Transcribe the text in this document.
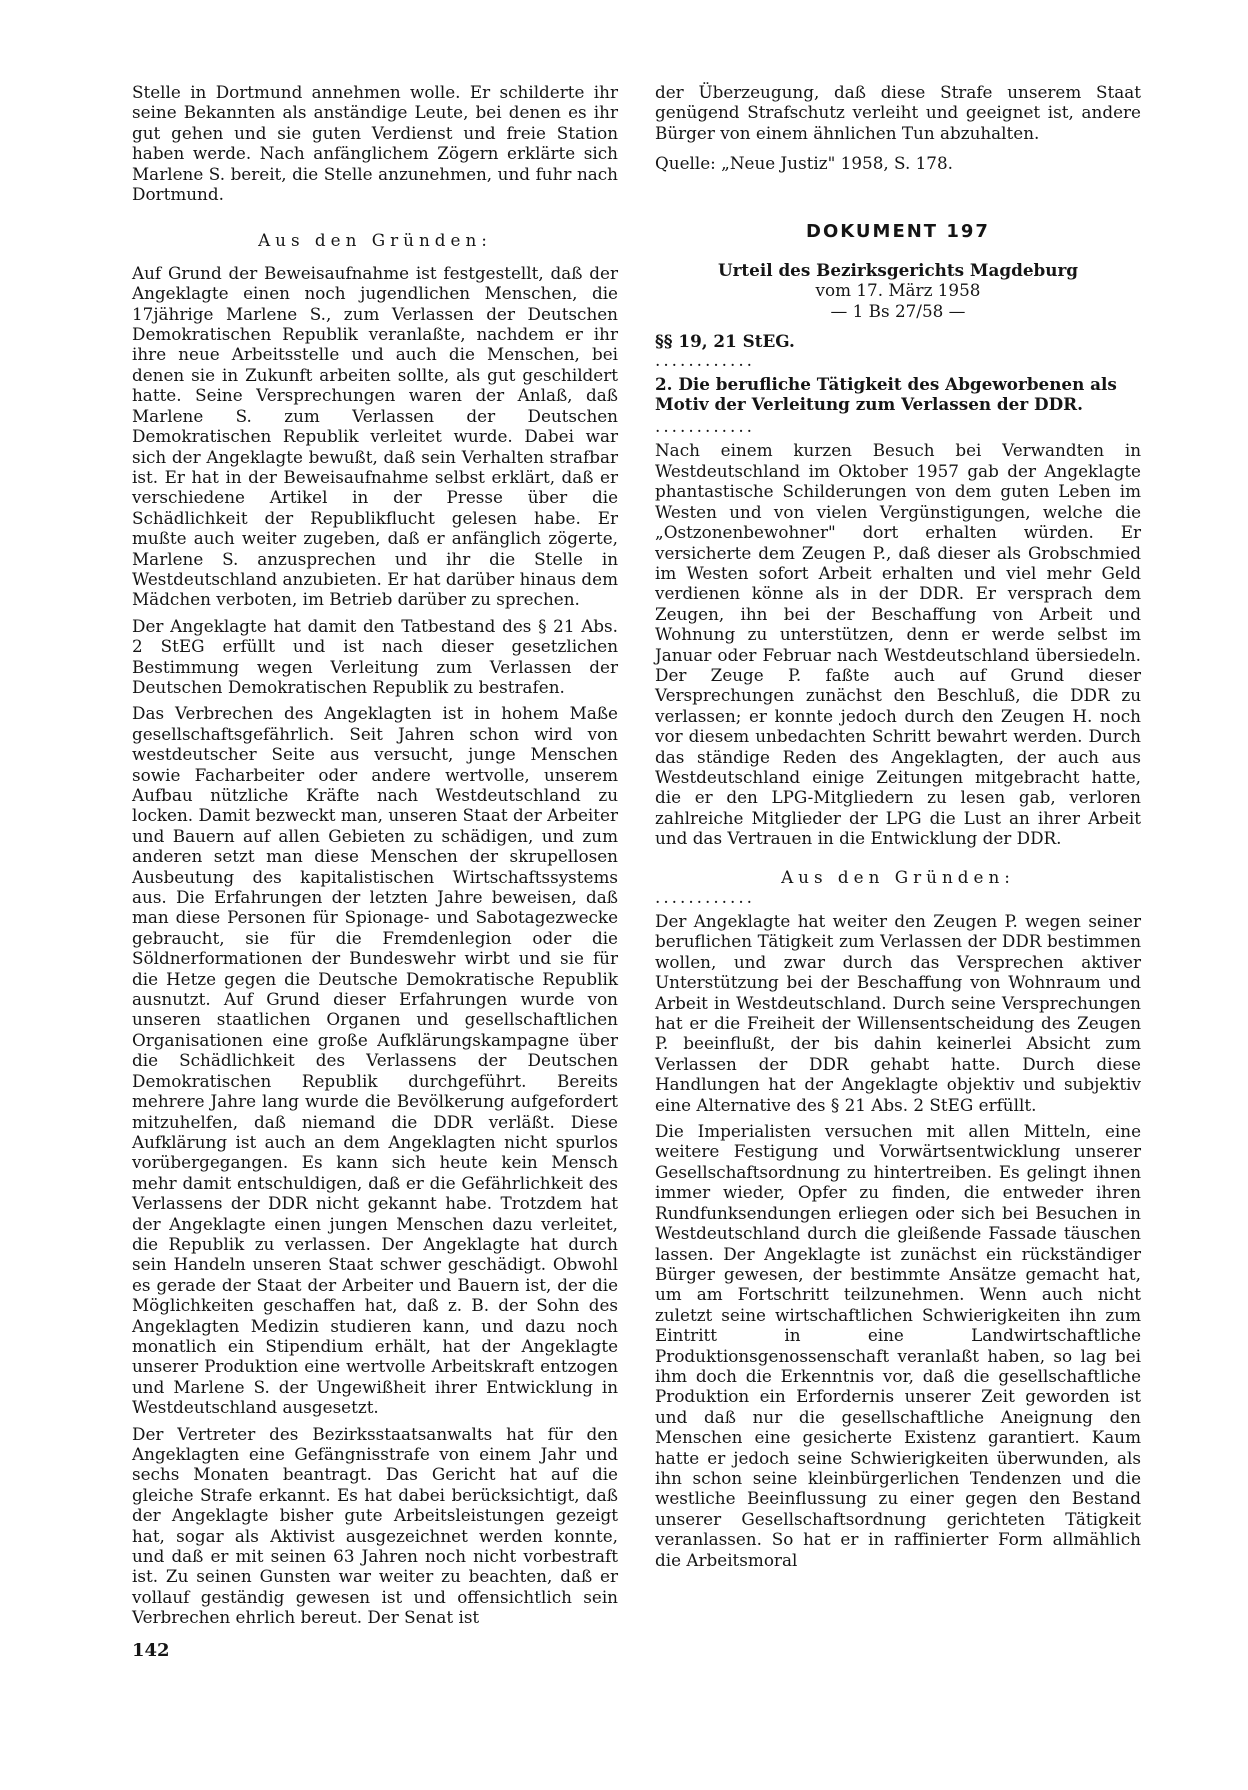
Stelle in Dortmund annehmen wolle. Er schilderte ihr seine Bekannten als anständige Leute, bei denen es ihr gut gehen und sie guten Verdienst und freie Station haben werde. Nach anfänglichem Zögern erklärte sich Marlene S. bereit, die Stelle anzunehmen, und fuhr nach Dortmund.

Aus den Gründen:

Auf Grund der Beweisaufnahme ist festgestellt, daß der Angeklagte einen noch jugendlichen Menschen, die 17jährige Marlene S., zum Verlassen der Deutschen Demokratischen Republik veranlaßte, nachdem er ihr ihre neue Arbeitsstelle und auch die Menschen, bei denen sie in Zukunft arbeiten sollte, als gut geschildert hatte. Seine Versprechungen waren der Anlaß, daß Marlene S. zum Verlassen der Deutschen Demokratischen Republik verleitet wurde. Dabei war sich der Angeklagte bewußt, daß sein Verhalten strafbar ist. Er hat in der Beweisaufnahme selbst erklärt, daß er verschiedene Artikel in der Presse über die Schädlichkeit der Republikflucht gelesen habe. Er mußte auch weiter zugeben, daß er anfänglich zögerte, Marlene S. anzusprechen und ihr die Stelle in Westdeutschland anzubieten. Er hat darüber hinaus dem Mädchen verboten, im Betrieb darüber zu sprechen.

Der Angeklagte hat damit den Tatbestand des § 21 Abs. 2 StEG erfüllt und ist nach dieser gesetzlichen Bestimmung wegen Verleitung zum Verlassen der Deutschen Demokratischen Republik zu bestrafen.

Das Verbrechen des Angeklagten ist in hohem Maße gesellschaftsgefährlich. Seit Jahren schon wird von westdeutscher Seite aus versucht, junge Menschen sowie Facharbeiter oder andere wertvolle, unserem Aufbau nützliche Kräfte nach Westdeutschland zu locken. Damit bezweckt man, unseren Staat der Arbeiter und Bauern auf allen Gebieten zu schädigen, und zum anderen setzt man diese Menschen der skrupellosen Ausbeutung des kapitalistischen Wirtschaftssystems aus. Die Erfahrungen der letzten Jahre beweisen, daß man diese Personen für Spionage- und Sabotagezwecke gebraucht, sie für die Fremdenlegion oder die Söldnerformationen der Bundeswehr wirbt und sie für die Hetze gegen die Deutsche Demokratische Republik ausnutzt. Auf Grund dieser Erfahrungen wurde von unseren staatlichen Organen und gesellschaftlichen Organisationen eine große Aufklärungskampagne über die Schädlichkeit des Verlassens der Deutschen Demokratischen Republik durchgeführt. Bereits mehrere Jahre lang wurde die Bevölkerung aufgefordert mitzuhelfen, daß niemand die DDR verläßt. Diese Aufklärung ist auch an dem Angeklagten nicht spurlos vorübergegangen. Es kann sich heute kein Mensch mehr damit entschuldigen, daß er die Gefährlichkeit des Verlassens der DDR nicht gekannt habe. Trotzdem hat der Angeklagte einen jungen Menschen dazu verleitet, die Republik zu verlassen. Der Angeklagte hat durch sein Handeln unseren Staat schwer geschädigt. Obwohl es gerade der Staat der Arbeiter und Bauern ist, der die Möglichkeiten geschaffen hat, daß z. B. der Sohn des Angeklagten Medizin studieren kann, und dazu noch monatlich ein Stipendium erhält, hat der Angeklagte unserer Produktion eine wertvolle Arbeitskraft entzogen und Marlene S. der Ungewißheit ihrer Entwicklung in Westdeutschland ausgesetzt.

Der Vertreter des Bezirksstaatsanwalts hat für den Angeklagten eine Gefängnisstrafe von einem Jahr und sechs Monaten beantragt. Das Gericht hat auf die gleiche Strafe erkannt. Es hat dabei berücksichtigt, daß der Angeklagte bisher gute Arbeitsleistungen gezeigt hat, sogar als Aktivist ausgezeichnet werden konnte, und daß er mit seinen 63 Jahren noch nicht vorbestraft ist. Zu seinen Gunsten war weiter zu beachten, daß er vollauf geständig gewesen ist und offensichtlich sein Verbrechen ehrlich bereut. Der Senat ist

der Überzeugung, daß diese Strafe unserem Staat genügend Strafschutz verleiht und geeignet ist, andere Bürger von einem ähnlichen Tun abzuhalten.

Quelle: „Neue Justiz" 1958, S. 178.

DOKUMENT 197

Urteil des Bezirksgerichts Magdeburg

vom 17. März 1958

— 1 Bs 27/58 —

§§ 19, 21 StEG.

............

2. Die berufliche Tätigkeit des Abgeworbenen als Motiv der Verleitung zum Verlassen der DDR.

............

Nach einem kurzen Besuch bei Verwandten in Westdeutschland im Oktober 1957 gab der Angeklagte phantastische Schilderungen von dem guten Leben im Westen und von vielen Vergünstigungen, welche die „Ostzonenbewohner" dort erhalten würden. Er versicherte dem Zeugen P., daß dieser als Grobschmied im Westen sofort Arbeit erhalten und viel mehr Geld verdienen könne als in der DDR. Er versprach dem Zeugen, ihn bei der Beschaffung von Arbeit und Wohnung zu unterstützen, denn er werde selbst im Januar oder Februar nach Westdeutschland übersiedeln. Der Zeuge P. faßte auch auf Grund dieser Versprechungen zunächst den Beschluß, die DDR zu verlassen; er konnte jedoch durch den Zeugen H. noch vor diesem unbedachten Schritt bewahrt werden. Durch das ständige Reden des Angeklagten, der auch aus Westdeutschland einige Zeitungen mitgebracht hatte, die er den LPG-Mitgliedern zu lesen gab, verloren zahlreiche Mitglieder der LPG die Lust an ihrer Arbeit und das Vertrauen in die Entwicklung der DDR.

Aus den Gründen:

............

Der Angeklagte hat weiter den Zeugen P. wegen seiner beruflichen Tätigkeit zum Verlassen der DDR bestimmen wollen, und zwar durch das Versprechen aktiver Unterstützung bei der Beschaffung von Wohnraum und Arbeit in Westdeutschland. Durch seine Versprechungen hat er die Freiheit der Willensentscheidung des Zeugen P. beeinflußt, der bis dahin keinerlei Absicht zum Verlassen der DDR gehabt hatte. Durch diese Handlungen hat der Angeklagte objektiv und subjektiv eine Alternative des § 21 Abs. 2 StEG erfüllt.

Die Imperialisten versuchen mit allen Mitteln, eine weitere Festigung und Vorwärtsentwicklung unserer Gesellschaftsordnung zu hintertreiben. Es gelingt ihnen immer wieder, Opfer zu finden, die entweder ihren Rundfunksendungen erliegen oder sich bei Besuchen in Westdeutschland durch die gleißende Fassade täuschen lassen. Der Angeklagte ist zunächst ein rückständiger Bürger gewesen, der bestimmte Ansätze gemacht hat, um am Fortschritt teilzunehmen. Wenn auch nicht zuletzt seine wirtschaftlichen Schwierigkeiten ihn zum Eintritt in eine Landwirtschaftliche Produktionsgenossenschaft veranlaßt haben, so lag bei ihm doch die Erkenntnis vor, daß die gesellschaftliche Produktion ein Erfordernis unserer Zeit geworden ist und daß nur die gesellschaftliche Aneignung den Menschen eine gesicherte Existenz garantiert. Kaum hatte er jedoch seine Schwierigkeiten überwunden, als ihn schon seine kleinbürgerlichen Tendenzen und die westliche Beeinflussung zu einer gegen den Bestand unserer Gesellschaftsordnung gerichteten Tätigkeit veranlassen. So hat er in raffinierter Form allmählich die Arbeitsmoral

142
